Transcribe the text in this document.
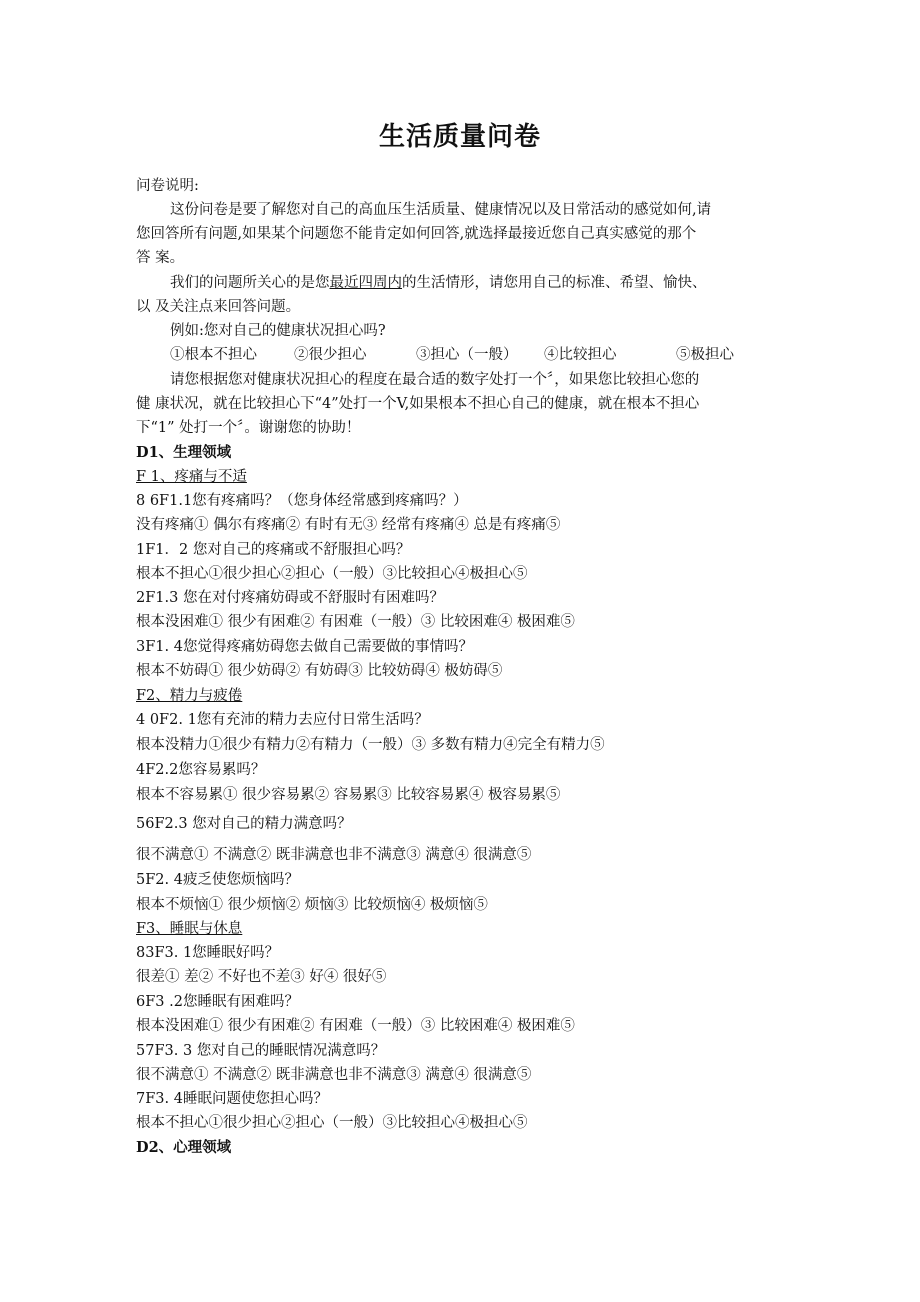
生活质量问卷
问卷说明:
这份问卷是要了解您对自己的高血压生活质量、健康情况以及日常活动的感觉如何,请
您回答所有问题,如果某个问题您不能肯定如何回答,就选择最接近您自己真实感觉的那个
答 案。
我们的问题所关心的是您最近四周内的生活情形，请您用自己的标准、希望、愉快、
以 及关注点来回答问题。
例如:您对自己的健康状况担心吗?
①根本不担心	②很少担心	③担心（一般） ④比较担心	⑤极担心
请您根据您对健康状况担心的程度在最合适的数字处打一个〞，如果您比较担心您的
健 康状况，就在比较担心下“4”处打一个V,如果根本不担心自己的健康，就在根本不担心
下“1” 处打一个〞。谢谢您的协助！
D1、生理领域
F 1、疼痛与不适
8 6F1.1您有疼痛吗？（您身体经常感到疼痛吗？）
没有疼痛① 偶尔有疼痛② 有时有无③ 经常有疼痛④ 总是有疼痛⑤
1F1．2 您对自己的疼痛或不舒服担心吗？
根本不担心①很少担心②担心（一般）③比较担心④极担心⑤
2F1.3 您在对付疼痛妨碍或不舒服时有困难吗？
根本没困难① 很少有困难② 有困难（一般）③ 比较困难④ 极困难⑤
3F1. 4您觉得疼痛妨碍您去做自己需要做的事情吗？
根本不妨碍① 很少妨碍② 有妨碍③ 比较妨碍④ 极妨碍⑤
F2、精力与疲倦
4 0F2. 1您有充沛的精力去应付日常生活吗？
根本没精力①很少有精力②有精力（一般）③ 多数有精力④完全有精力⑤
4F2.2您容易累吗？
根本不容易累① 很少容易累② 容易累③ 比较容易累④ 极容易累⑤
56F2.3 您对自己的精力满意吗？
很不满意① 不满意② 既非满意也非不满意③ 满意④ 很满意⑤
5F2. 4疲乏使您烦恼吗？
根本不烦恼① 很少烦恼② 烦恼③ 比较烦恼④ 极烦恼⑤
F3、睡眠与休息
83F3. 1您睡眠好吗？
很差① 差② 不好也不差③ 好④ 很好⑤
6F3 .2您睡眠有困难吗？
根本没困难① 很少有困难② 有困难（一般）③ 比较困难④ 极困难⑤
57F3. 3 您对自己的睡眠情况满意吗？
很不满意① 不满意② 既非满意也非不满意③ 满意④ 很满意⑤
7F3. 4睡眠问题使您担心吗？
根本不担心①很少担心②担心（一般）③比较担心④极担心⑤
D2、心理领域
